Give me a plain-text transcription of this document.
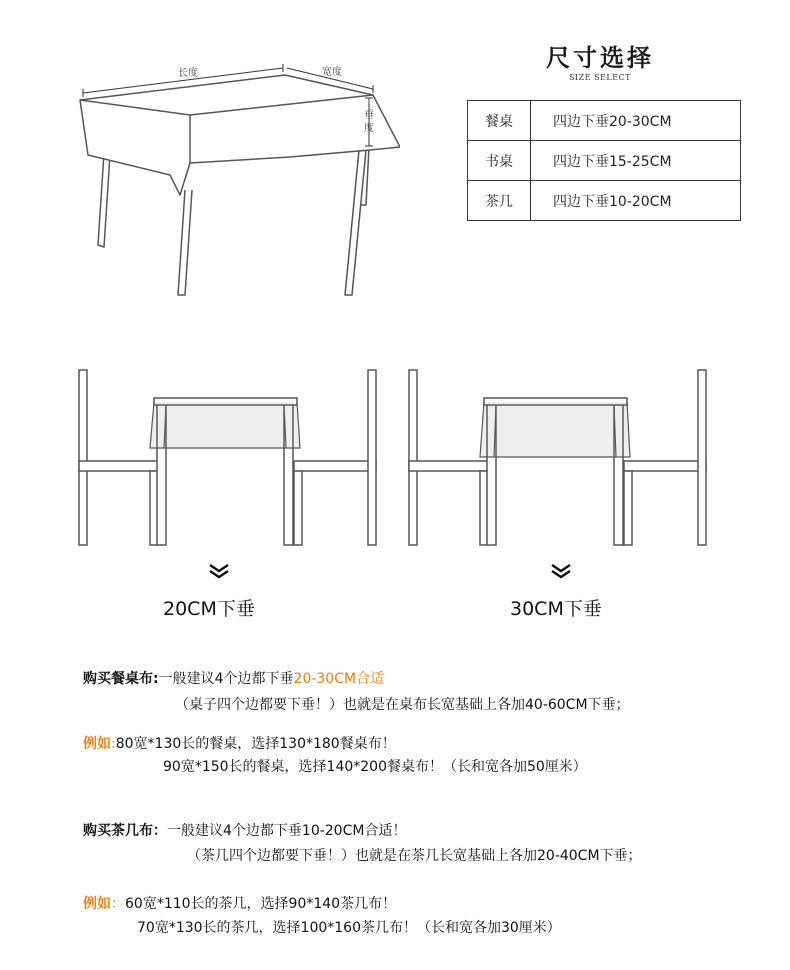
长度	宽度
垂
度
尺寸选择
SIZE SELECT
餐桌	四边下垂20-30CM
书桌	四边下垂15-25CM
茶几	四边下垂10-20CM
20CM下垂	30CM下垂
购买餐桌布:一般建议4个边都下垂20-30CM合适
（桌子四个边都要下垂！）也就是在桌布长宽基础上各加40-60CM下垂；
例如:80宽*130长的餐桌，选择130*180餐桌布！
90宽*150长的餐桌，选择140*200餐桌布！（长和宽各加50厘米）
购买茶几布：一般建议4个边都下垂10-20CM合适！
（茶几四个边都要下垂！）也就是在茶几长宽基础上各加20-40CM下垂；
例如：60宽*110长的茶几，选择90*140茶几布！
70宽*130长的茶几，选择100*160茶几布！（长和宽各加30厘米）
